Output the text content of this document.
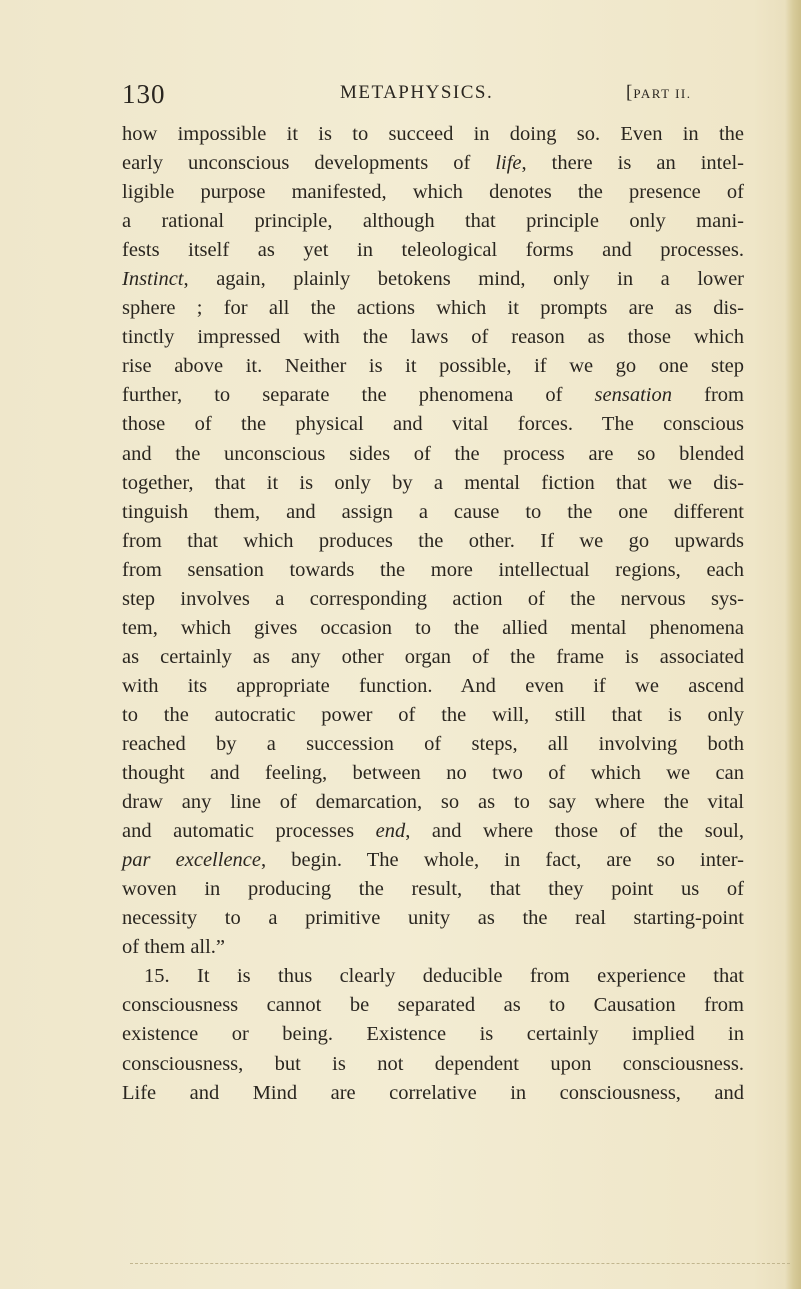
130	METAPHYSICS.	[PART II.
how impossible it is to succeed in doing so. Even in the
early unconscious developments of life, there is an intel-
ligible purpose manifested, which denotes the presence of
a rational principle, although that principle only mani-
fests itself as yet in teleological forms and processes.
Instinct, again, plainly betokens mind, only in a lower
sphere ; for all the actions which it prompts are as dis-
tinctly impressed with the laws of reason as those which
rise above it. Neither is it possible, if we go one step
further, to separate the phenomena of sensation from
those of the physical and vital forces. The conscious
and the unconscious sides of the process are so blended
together, that it is only by a mental fiction that we dis-
tinguish them, and assign a cause to the one different
from that which produces the other. If we go upwards
from sensation towards the more intellectual regions, each
step involves a corresponding action of the nervous sys-
tem, which gives occasion to the allied mental phenomena
as certainly as any other organ of the frame is associated
with its appropriate function. And even if we ascend
to the autocratic power of the will, still that is only
reached by a succession of steps, all involving both
thought and feeling, between no two of which we can
draw any line of demarcation, so as to say where the vital
and automatic processes end, and where those of the soul,
par excellence, begin. The whole, in fact, are so inter-
woven in producing the result, that they point us of
necessity to a primitive unity as the real starting-point
of them all.”
15. It is thus clearly deducible from experience that
consciousness cannot be separated as to Causation from
existence or being. Existence is certainly implied in
consciousness, but is not dependent upon consciousness.
Life and Mind are correlative in consciousness, and
